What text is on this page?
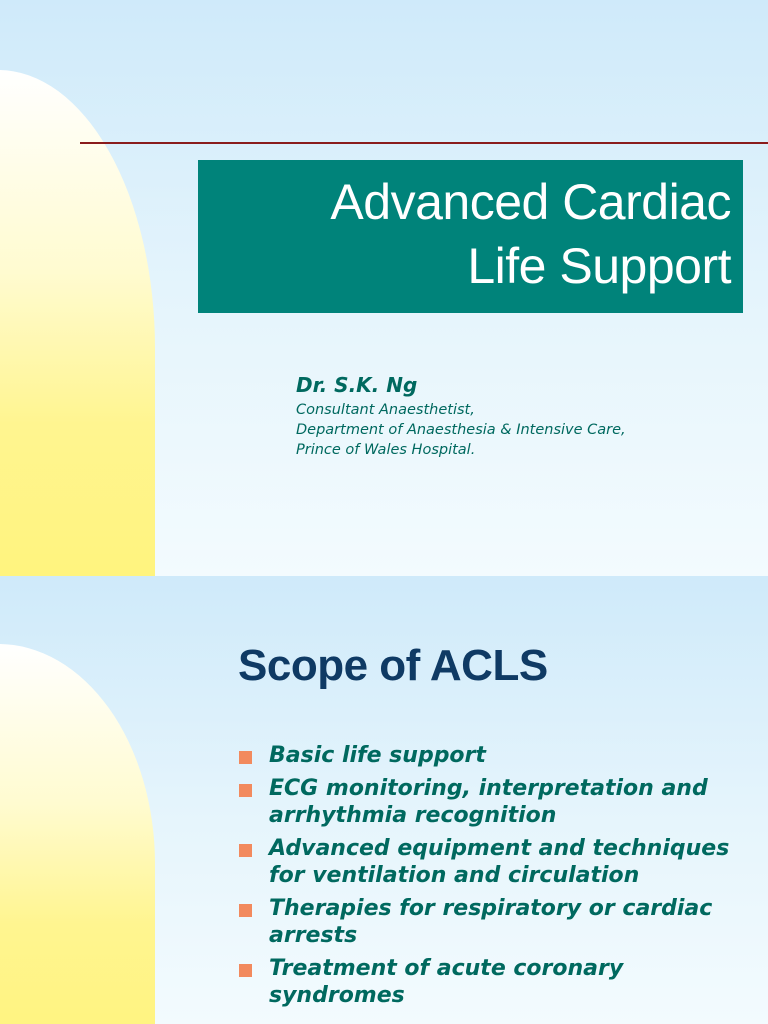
Advanced Cardiac
Life Support
Dr. S.K. Ng
Consultant Anaesthetist,
Department of Anaesthesia & Intensive Care,
Prince of Wales Hospital.
Scope of ACLS
Basic life support
ECG monitoring, interpretation and arrhythmia recognition
Advanced equipment and techniques for ventilation and circulation
Therapies for respiratory or cardiac arrests
Treatment of acute coronary syndromes
